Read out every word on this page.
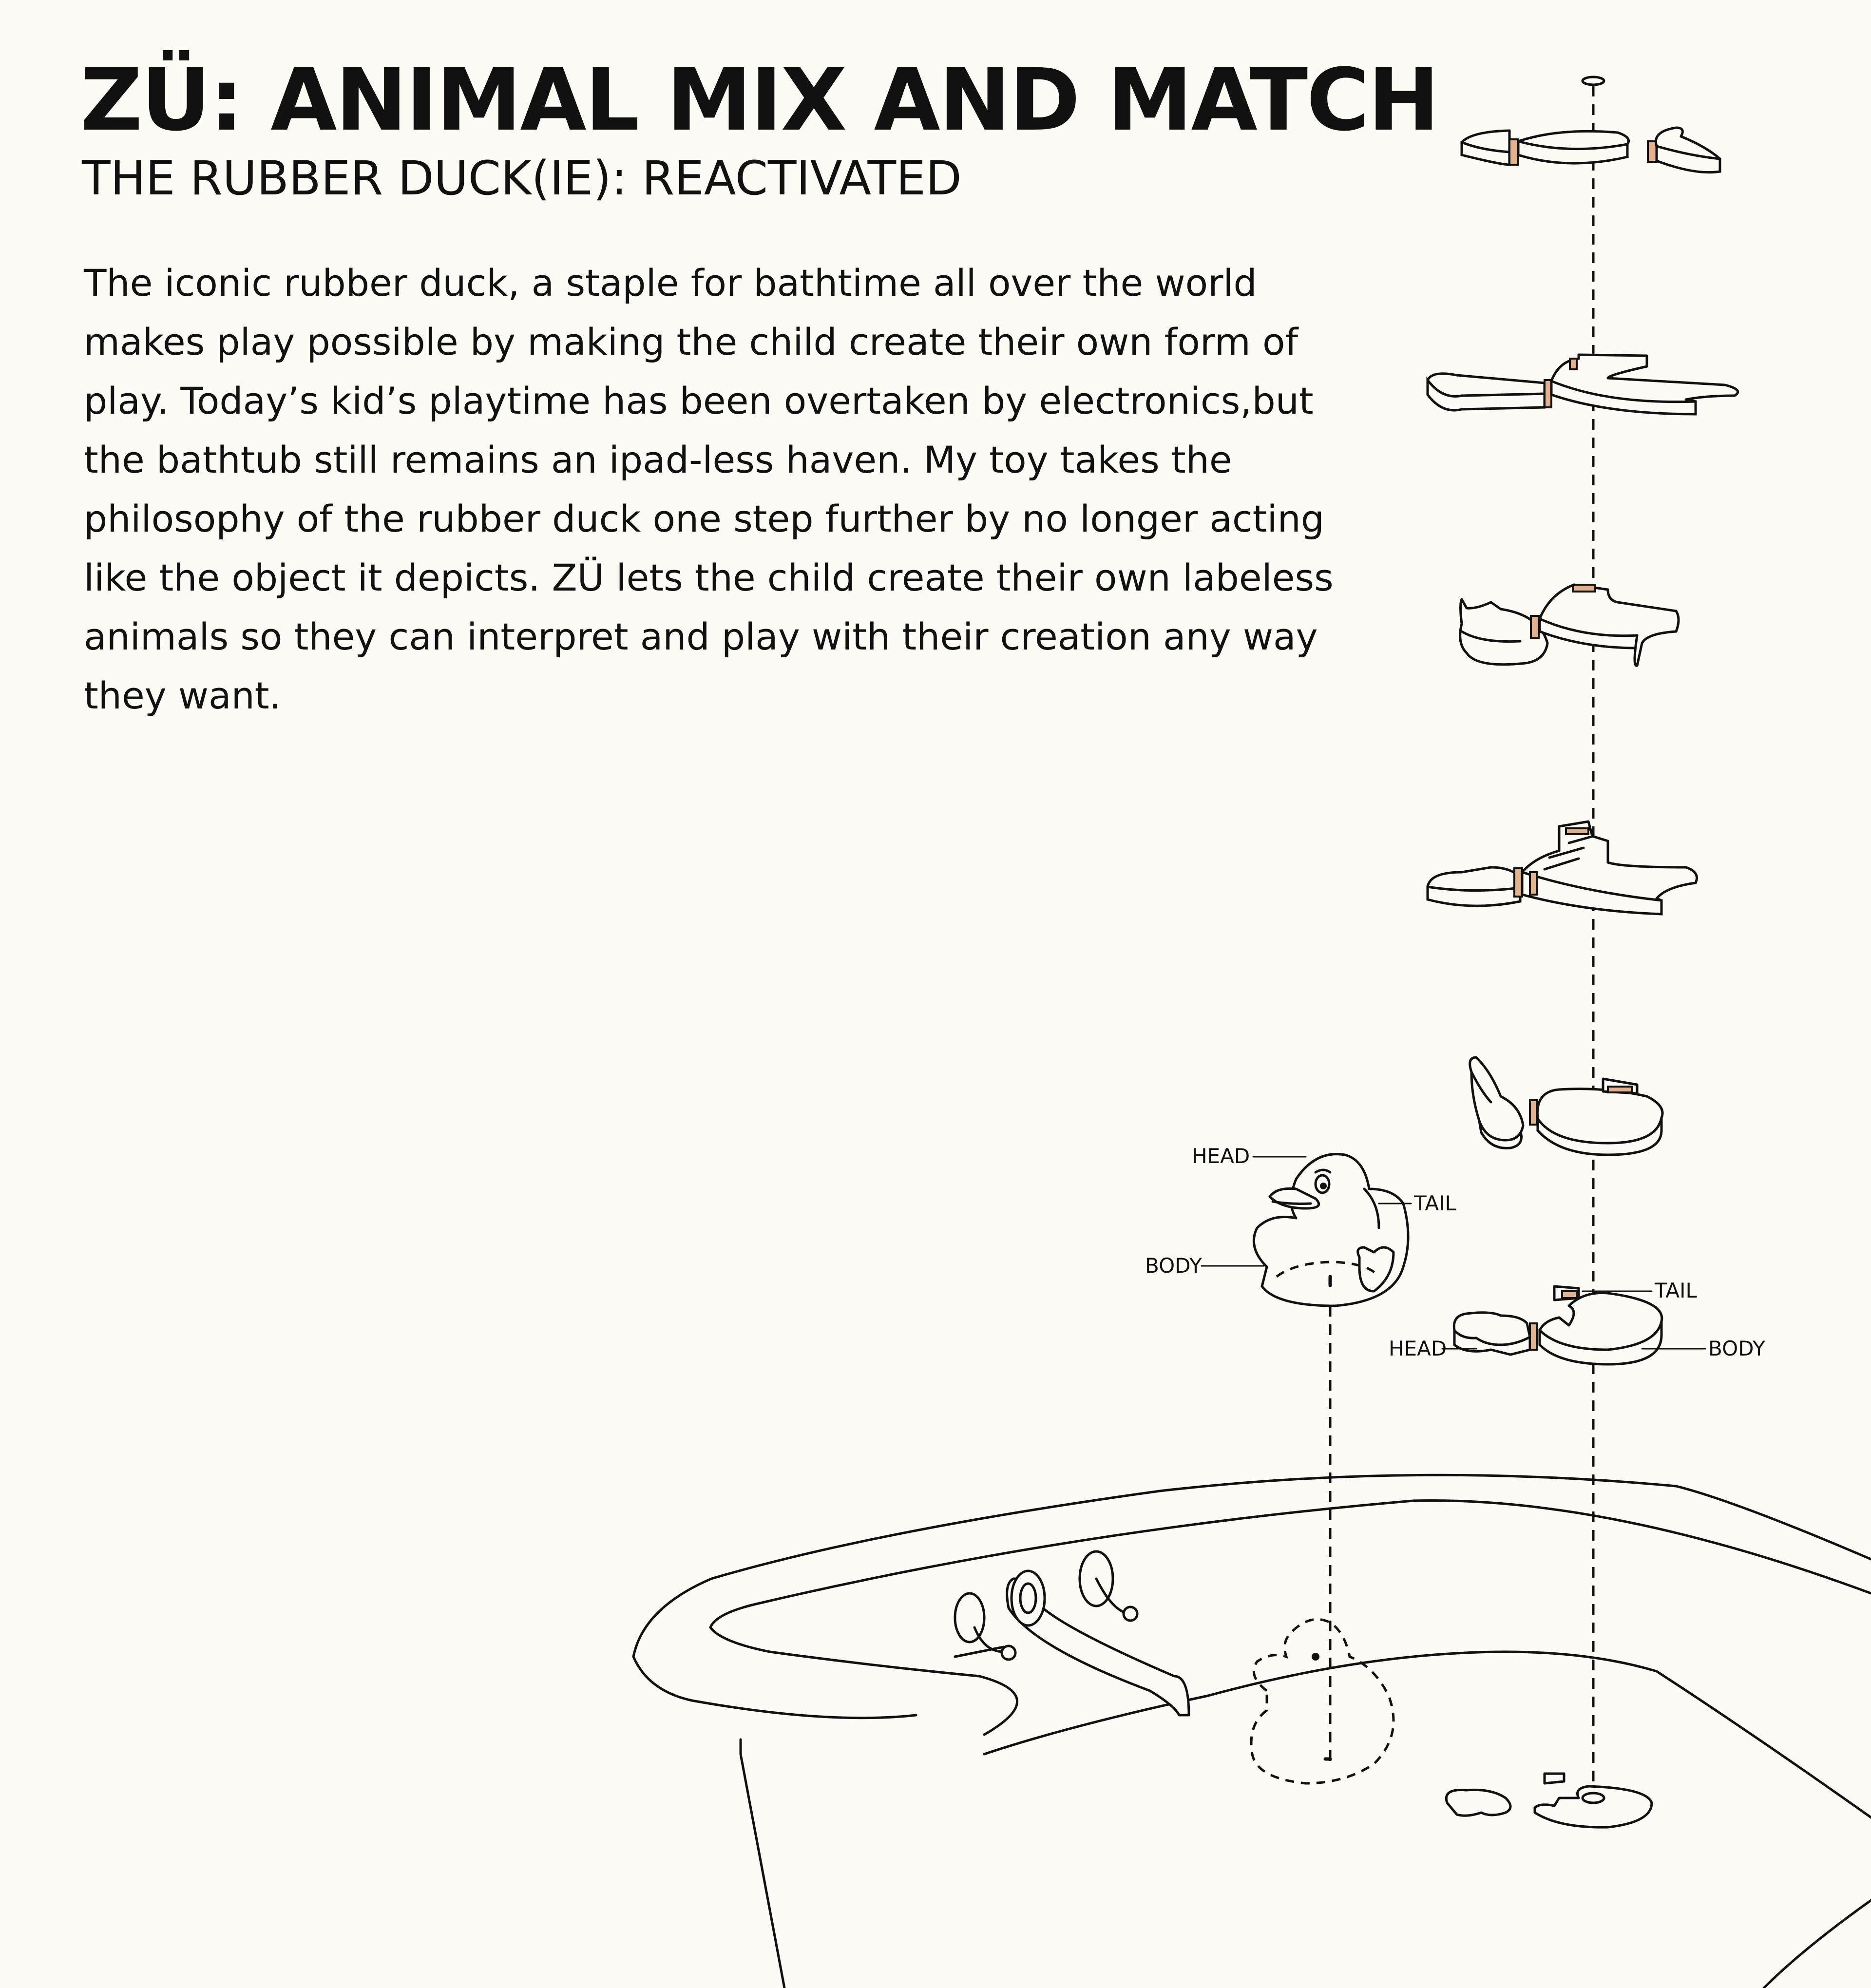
ZÜ: ANIMAL MIX AND MATCH
THE RUBBER DUCK(IE): REACTIVATED

The iconic rubber duck, a staple for bathtime all over the world makes play possible by making the child create their own form of play. Today’s kid’s playtime has been overtaken by electronics,but the bathtub still remains an ipad-less haven. My toy takes the philosophy of the rubber duck one step further by no longer acting like the object it depicts. ZÜ lets the child create their own labeless animals so they can interpret and play with their creation any way they want.

TAIL
HEAD	BODY
HEAD
TAIL
BODY
